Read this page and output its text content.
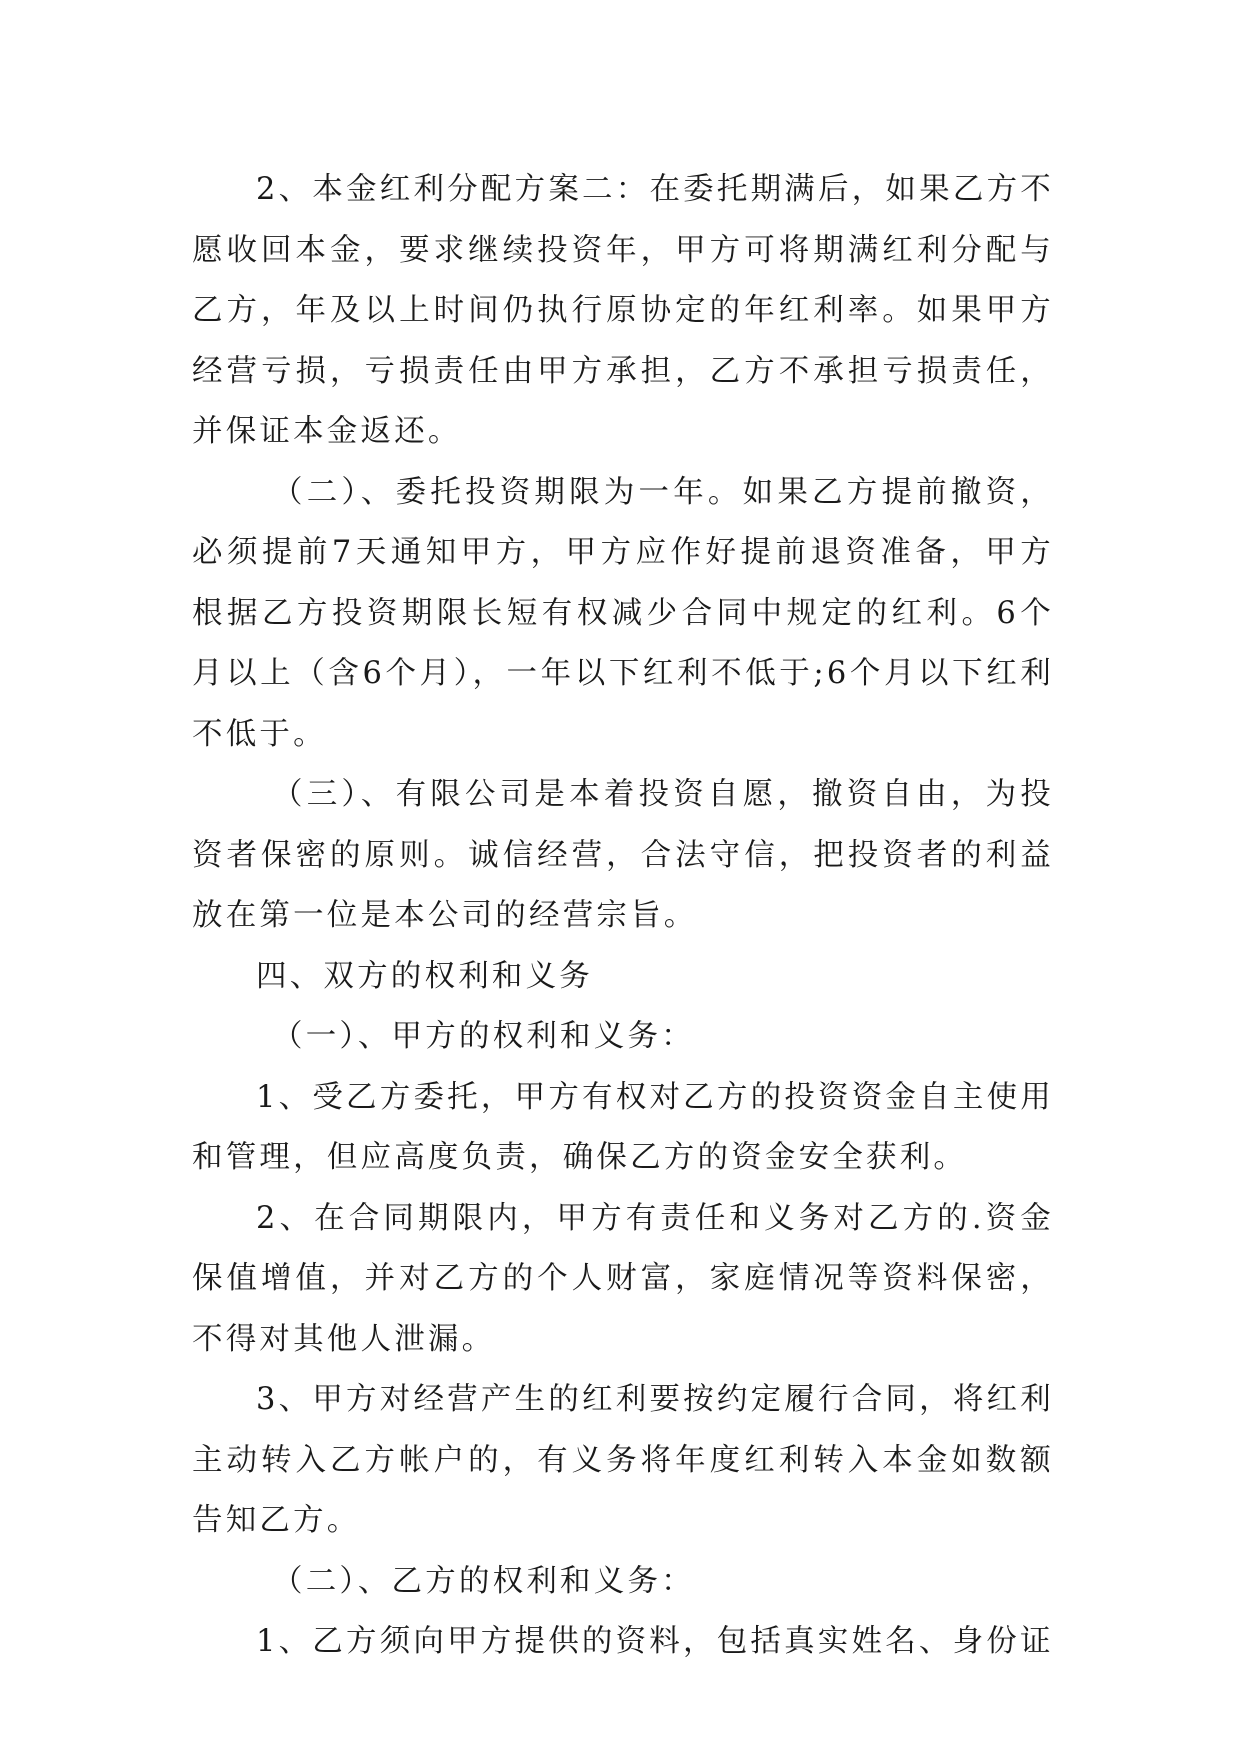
2、本金红利分配方案二：在委托期满后，如果乙方不愿收回本金，要求继续投资年，甲方可将期满红利分配与乙方，年及以上时间仍执行原协定的年红利率。如果甲方经营亏损，亏损责任由甲方承担，乙方不承担亏损责任，并保证本金返还。

（二）、委托投资期限为一年。如果乙方提前撤资，必须提前7天通知甲方，甲方应作好提前退资准备，甲方根据乙方投资期限长短有权减少合同中规定的红利。6个月以上（含6个月），一年以下红利不低于;6个月以下红利不低于。

（三）、有限公司是本着投资自愿，撤资自由，为投资者保密的原则。诚信经营，合法守信，把投资者的利益放在第一位是本公司的经营宗旨。

四、双方的权利和义务

（一）、甲方的权利和义务：

1、受乙方委托，甲方有权对乙方的投资资金自主使用和管理，但应高度负责，确保乙方的资金安全获利。

2、在合同期限内，甲方有责任和义务对乙方的.资金保值增值，并对乙方的个人财富，家庭情况等资料保密，不得对其他人泄漏。

3、甲方对经营产生的红利要按约定履行合同，将红利主动转入乙方帐户的，有义务将年度红利转入本金如数额告知乙方。

（二）、乙方的权利和义务：

1、乙方须向甲方提供的资料，包括真实姓名、身份证
